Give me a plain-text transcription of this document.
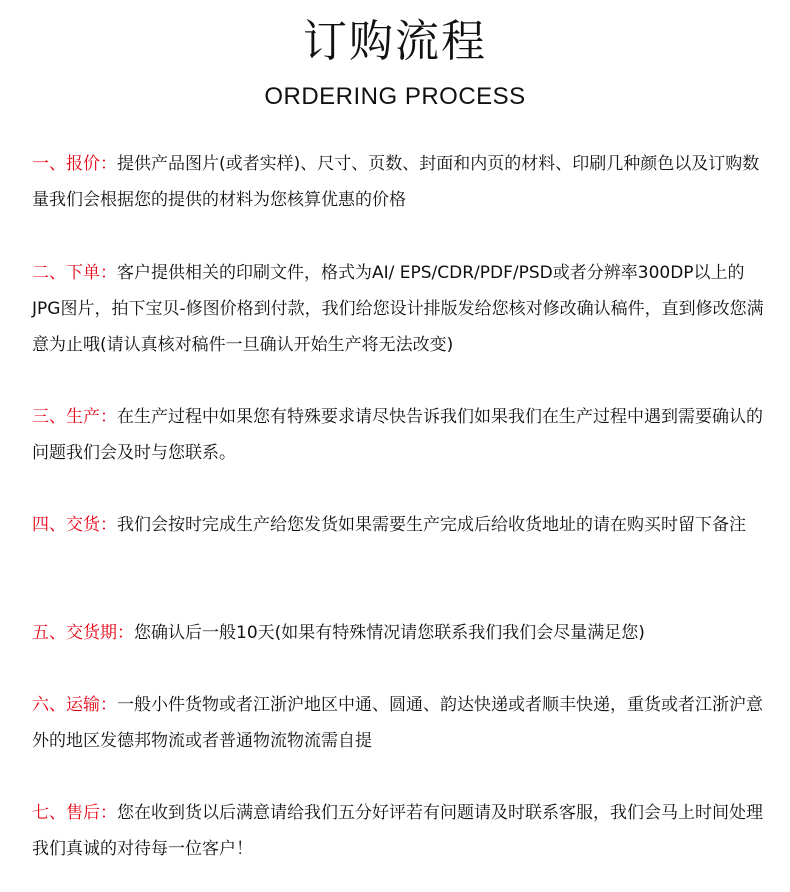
订购流程
ORDERING PROCESS
一、报价：提供产品图片(或者实样)、尺寸、页数、封面和内页的材料、印刷几种颜色以及订购数量我们会根据您的提供的材料为您核算优惠的价格
二、下单：客户提供相关的印刷文件，格式为AI/ EPS/CDR/PDF/PSD或者分辨率300DP以上的JPG图片，拍下宝贝-修图价格到付款，我们给您设计排版发给您核对修改确认稿件，直到修改您满意为止哦(请认真核对稿件一旦确认开始生产将无法改变)
三、生产：在生产过程中如果您有特殊要求请尽快告诉我们如果我们在生产过程中遇到需要确认的问题我们会及时与您联系。
四、交货：我们会按时完成生产给您发货如果需要生产完成后给收货地址的请在购买时留下备注
五、交货期：您确认后一般10天(如果有特殊情况请您联系我们我们会尽量满足您)
六、运输：一般小件货物或者江浙沪地区中通、圆通、韵达快递或者顺丰快递，重货或者江浙沪意外的地区发德邦物流或者普通物流物流需自提
七、售后：您在收到货以后满意请给我们五分好评若有问题请及时联系客服，我们会马上时间处理我们真诚的对待每一位客户！
